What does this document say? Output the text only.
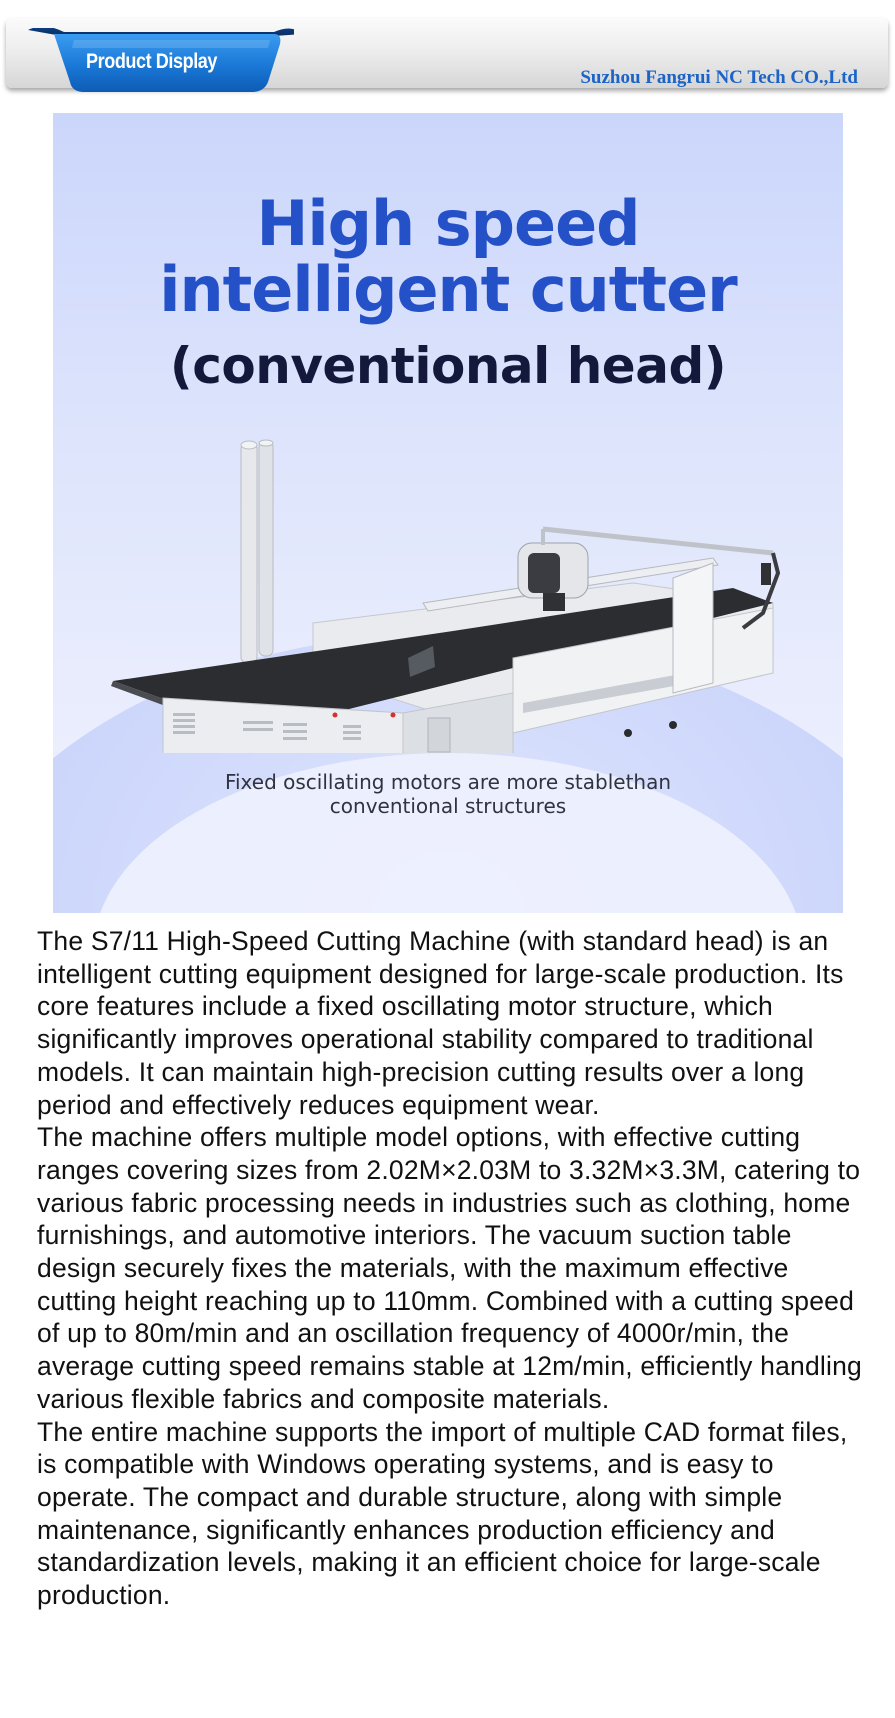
Product Display
Suzhou Fangrui NC Tech CO.,Ltd
High speed
intelligent cutter
(conventional head)
Fixed oscillating motors are more stablethan
conventional structures

The S7/11 High-Speed Cutting Machine (with standard head) is an intelligent cutting equipment designed for large-scale production. Its core features include a fixed oscillating motor structure, which significantly improves operational stability compared to traditional models. It can maintain high-precision cutting results over a long period and effectively reduces equipment wear.

The machine offers multiple model options, with effective cutting ranges covering sizes from 2.02M×2.03M to 3.32M×3.3M, catering to various fabric processing needs in industries such as clothing, home furnishings, and automotive interiors. The vacuum suction table design securely fixes the materials, with the maximum effective cutting height reaching up to 110mm. Combined with a cutting speed of up to 80m/min and an oscillation frequency of 4000r/min, the average cutting speed remains stable at 12m/min, efficiently handling various flexible fabrics and composite materials.

The entire machine supports the import of multiple CAD format files, is compatible with Windows operating systems, and is easy to operate. The compact and durable structure, along with simple maintenance, significantly enhances production efficiency and standardization levels, making it an efficient choice for large-scale production.
